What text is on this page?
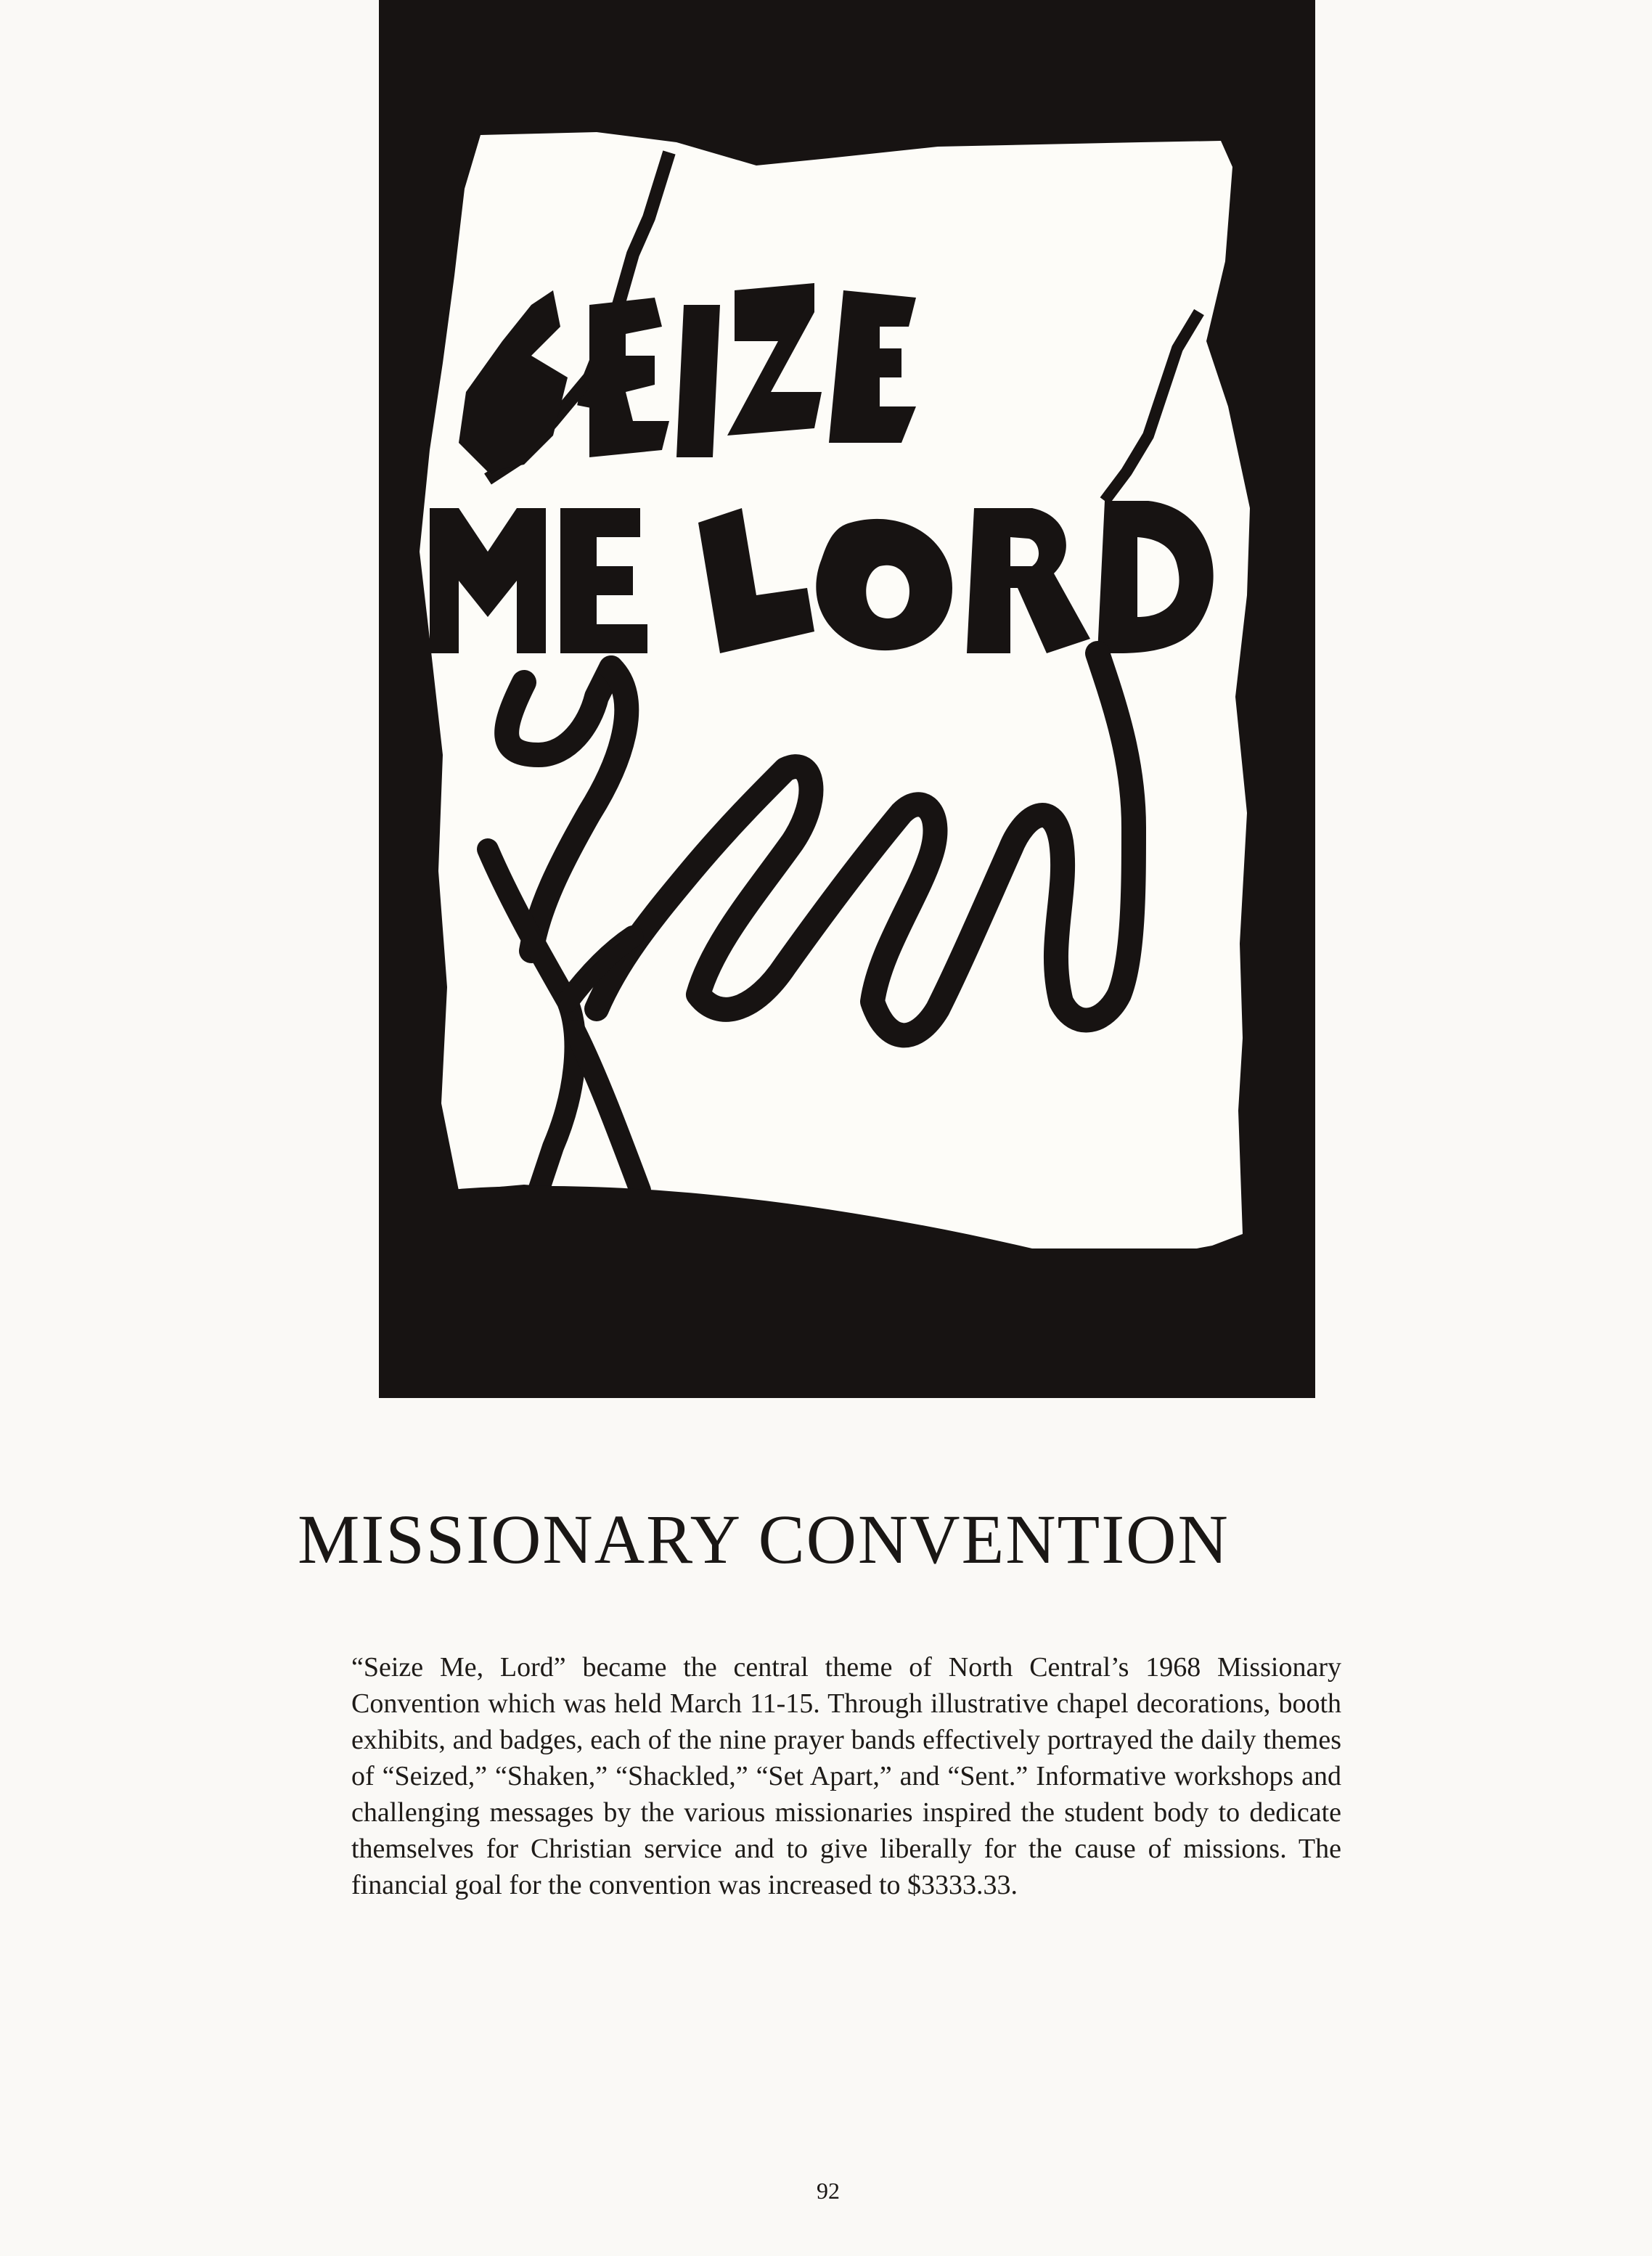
MISSIONARY CONVENTION

“Seize Me, Lord” became the central theme of North Central’s 1968 Missionary Convention which was held March 11-15. Through illustrative chapel decorations, booth exhibits, and badges, each of the nine prayer bands effectively portrayed the daily themes of “Seized,” “Shaken,” “Shackled,” “Set Apart,” and “Sent.” Informative workshops and challenging messages by the various missionaries inspired the student body to dedicate themselves for Christian service and to give liberally for the cause of missions. The financial goal for the convention was increased to $3333.33.

92
